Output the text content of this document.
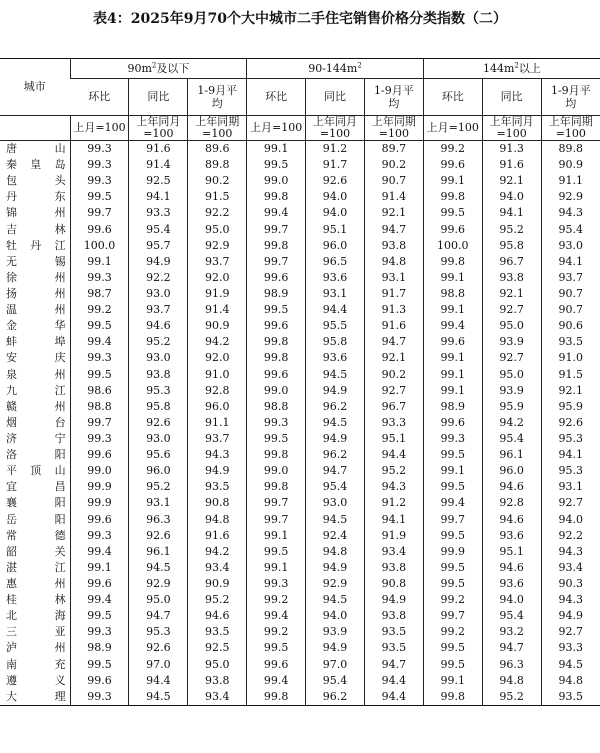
表4：2025年9月70个大中城市二手住宅销售价格分类指数（二）
城市	$90m^2$及以下			$90-144m^2$			$144m^2$以上		
	环比	同比	1-9月平均	环比	同比	1-9月平均	环比	同比	1-9月平均
	上月=100	上年同月=100	上年同期=100	上月=100	上年同月=100	上年同期=100	上月=100	上年同月=100	上年同期=100

唐 山	99.3	91.6	89.6	99.1	91.2	89.7	99.2	91.3	89.8

秦 皇 岛	99.3	91.4	89.8	99.5	91.7	90.2	99.6	91.6	90.9

包 头	99.3	92.5	90.2	99.0	92.6	90.7	99.1	92.1	91.1

丹 东	99.5	94.1	91.5	99.8	94.0	91.4	99.8	94.0	92.9

锦 州	99.7	93.3	92.2	99.4	94.0	92.1	99.5	94.1	94.3

吉 林	99.6	95.4	95.0	99.7	95.1	94.7	99.6	95.2	95.4

牡 丹 江	100.0	95.7	92.9	99.8	96.0	93.8	100.0	95.8	93.0

无 锡	99.1	94.9	93.7	99.7	96.5	94.8	99.8	96.7	94.1

徐 州	99.3	92.2	92.0	99.6	93.6	93.1	99.1	93.8	93.7

扬 州	98.7	93.0	91.9	98.9	93.1	91.7	98.8	92.1	90.7

温 州	99.2	93.7	91.4	99.5	94.4	91.3	99.1	92.7	90.7

金 华	99.5	94.6	90.9	99.6	95.5	91.6	99.4	95.0	90.6

蚌 埠	99.4	95.2	94.2	99.8	95.8	94.7	99.6	93.9	93.5

安 庆	99.3	93.0	92.0	99.8	93.6	92.1	99.1	92.7	91.0

泉 州	99.5	93.8	91.0	99.6	94.5	90.2	99.1	95.0	91.5

九 江	98.6	95.3	92.8	99.0	94.9	92.7	99.1	93.9	92.1

赣 州	98.8	95.8	96.0	98.8	96.2	96.7	98.9	95.9	95.9

烟 台	99.7	92.6	91.1	99.3	94.5	93.3	99.6	94.2	92.6

济 宁	99.3	93.0	93.7	99.5	94.9	95.1	99.3	95.4	95.3

洛 阳	99.6	95.6	94.3	99.8	96.2	94.4	99.5	96.1	94.1

平 顶 山	99.0	96.0	94.9	99.0	94.7	95.2	99.1	96.0	95.3

宜 昌	99.9	95.2	93.5	99.8	95.4	94.3	99.5	94.6	93.1

襄 阳	99.9	93.1	90.8	99.7	93.0	91.2	99.4	92.8	92.7

岳 阳	99.6	96.3	94.8	99.7	94.5	94.1	99.7	94.6	94.0

常 德	99.3	92.6	91.6	99.1	92.4	91.9	99.5	93.6	92.2

韶 关	99.4	96.1	94.2	99.5	94.8	93.4	99.9	95.1	94.3

湛 江	99.1	94.5	93.4	99.1	94.9	93.8	99.5	94.6	93.4

惠 州	99.6	92.9	90.9	99.3	92.9	90.8	99.5	93.6	90.3

桂 林	99.4	95.0	95.2	99.2	94.5	94.9	99.2	94.0	94.3

北 海	99.5	94.7	94.6	99.4	94.0	93.8	99.7	95.4	94.9

三 亚	99.3	95.3	93.5	99.2	93.9	93.5	99.2	93.2	92.7

泸 州	98.9	92.6	92.5	99.5	94.9	93.5	99.5	94.7	93.3

南 充	99.5	97.0	95.0	99.6	97.0	94.7	99.5	96.3	94.5

遵 义	99.6	94.4	93.8	99.4	95.4	94.4	99.1	94.8	94.8

大 理	99.3	94.5	93.4	99.8	96.2	94.4	99.8	95.2	93.5
